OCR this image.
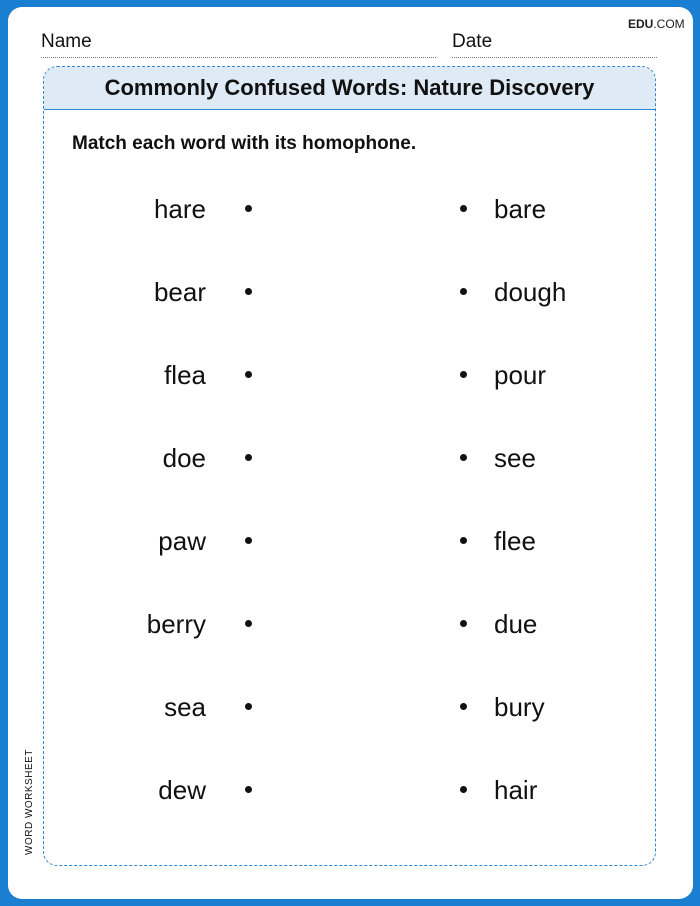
EDU.COM
Name	Date
Commonly Confused Words: Nature Discovery
Match each word with its homophone.
hare	bare
bear	dough
flea	pour
doe	see
paw	flee
berry	due
sea	bury
dew	hair
WORD WORKSHEET
